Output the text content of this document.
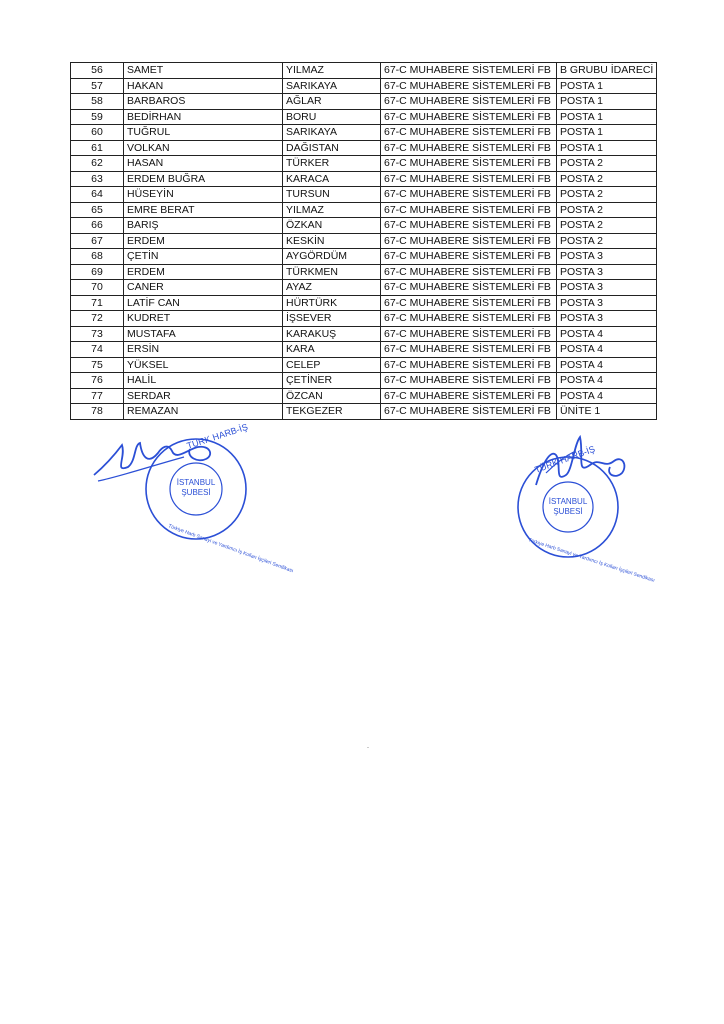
56	SAMET	YILMAZ	67-C MUHABERE SİSTEMLERİ FB	B GRUBU İDARECİ
57	HAKAN	SARIKAYA	67-C MUHABERE SİSTEMLERİ FB	POSTA 1
58	BARBAROS	AĞLAR	67-C MUHABERE SİSTEMLERİ FB	POSTA 1
59	BEDİRHAN	BORU	67-C MUHABERE SİSTEMLERİ FB	POSTA 1
60	TUĞRUL	SARIKAYA	67-C MUHABERE SİSTEMLERİ FB	POSTA 1
61	VOLKAN	DAĞISTAN	67-C MUHABERE SİSTEMLERİ FB	POSTA 1
62	HASAN	TÜRKER	67-C MUHABERE SİSTEMLERİ FB	POSTA 2
63	ERDEM BUĞRA	KARACA	67-C MUHABERE SİSTEMLERİ FB	POSTA 2
64	HÜSEYİN	TURSUN	67-C MUHABERE SİSTEMLERİ FB	POSTA 2
65	EMRE BERAT	YILMAZ	67-C MUHABERE SİSTEMLERİ FB	POSTA 2
66	BARIŞ	ÖZKAN	67-C MUHABERE SİSTEMLERİ FB	POSTA 2
67	ERDEM	KESKİN	67-C MUHABERE SİSTEMLERİ FB	POSTA 2
68	ÇETİN	AYGÖRDÜM	67-C MUHABERE SİSTEMLERİ FB	POSTA 3
69	ERDEM	TÜRKMEN	67-C MUHABERE SİSTEMLERİ FB	POSTA 3
70	CANER	AYAZ	67-C MUHABERE SİSTEMLERİ FB	POSTA 3
71	LATİF CAN	HÜRTÜRK	67-C MUHABERE SİSTEMLERİ FB	POSTA 3
72	KUDRET	İŞSEVER	67-C MUHABERE SİSTEMLERİ FB	POSTA 3
73	MUSTAFA	KARAKUŞ	67-C MUHABERE SİSTEMLERİ FB	POSTA 4
74	ERSİN	KARA	67-C MUHABERE SİSTEMLERİ FB	POSTA 4
75	YÜKSEL	CELEP	67-C MUHABERE SİSTEMLERİ FB	POSTA 4
76	HALİL	ÇETİNER	67-C MUHABERE SİSTEMLERİ FB	POSTA 4
77	SERDAR	ÖZCAN	67-C MUHABERE SİSTEMLERİ FB	POSTA 4
78	REMAZAN	TEKGEZER	67-C MUHABERE SİSTEMLERİ FB	ÜNİTE 1
İSTANBUL
ŞUBESİ
TÜRK HARB-İŞ
Türkiye Harb Sanayi ve Yardımcı İş Kolları İşçileri Sendikası
İSTANBUL
ŞUBESİ
TÜRK HARB-İŞ
Türkiye Harb Sanayi ve Yardımcı İş Kolları İşçileri Sendikası
